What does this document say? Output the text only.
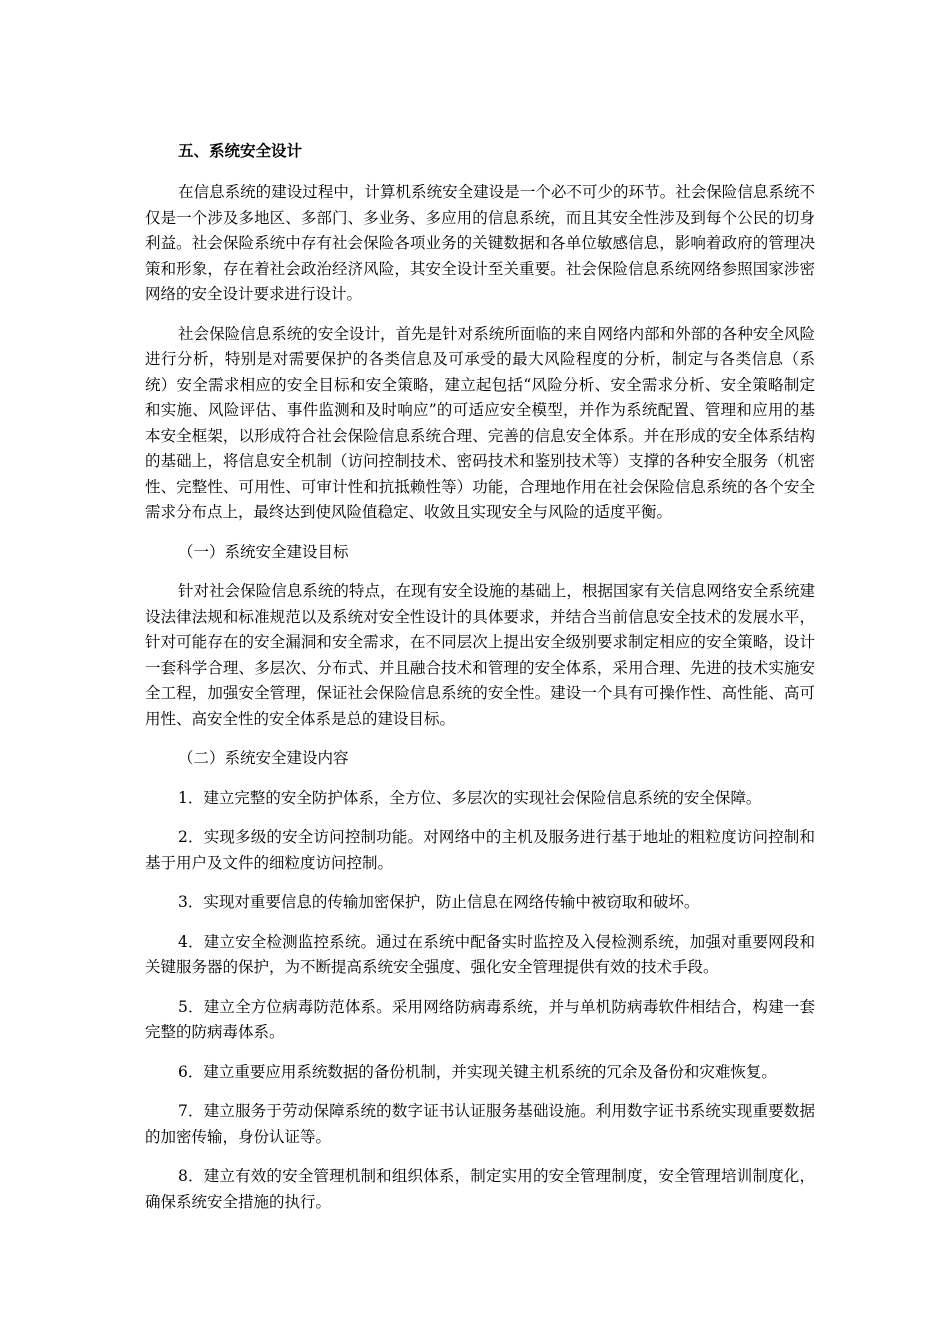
五、系统安全设计

在信息系统的建设过程中，计算机系统安全建设是一个必不可少的环节。社会保险信息系统不仅是一个涉及多地区、多部门、多业务、多应用的信息系统，而且其安全性涉及到每个公民的切身利益。社会保险系统中存有社会保险各项业务的关键数据和各单位敏感信息，影响着政府的管理决策和形象，存在着社会政治经济风险，其安全设计至关重要。社会保险信息系统网络参照国家涉密网络的安全设计要求进行设计。

社会保险信息系统的安全设计，首先是针对系统所面临的来自网络内部和外部的各种安全风险进行分析，特别是对需要保护的各类信息及可承受的最大风险程度的分析，制定与各类信息（系统）安全需求相应的安全目标和安全策略，建立起包括“风险分析、安全需求分析、安全策略制定和实施、风险评估、事件监测和及时响应”的可适应安全模型，并作为系统配置、管理和应用的基本安全框架，以形成符合社会保险信息系统合理、完善的信息安全体系。并在形成的安全体系结构的基础上，将信息安全机制（访问控制技术、密码技术和鉴别技术等）支撑的各种安全服务（机密性、完整性、可用性、可审计性和抗抵赖性等）功能，合理地作用在社会保险信息系统的各个安全需求分布点上，最终达到使风险值稳定、收敛且实现安全与风险的适度平衡。

（一）系统安全建设目标

针对社会保险信息系统的特点，在现有安全设施的基础上，根据国家有关信息网络安全系统建设法律法规和标准规范以及系统对安全性设计的具体要求，并结合当前信息安全技术的发展水平，针对可能存在的安全漏洞和安全需求，在不同层次上提出安全级别要求制定相应的安全策略，设计一套科学合理、多层次、分布式、并且融合技术和管理的安全体系，采用合理、先进的技术实施安全工程，加强安全管理，保证社会保险信息系统的安全性。建设一个具有可操作性、高性能、高可用性、高安全性的安全体系是总的建设目标。

（二）系统安全建设内容

1．建立完整的安全防护体系，全方位、多层次的实现社会保险信息系统的安全保障。

2．实现多级的安全访问控制功能。对网络中的主机及服务进行基于地址的粗粒度访问控制和基于用户及文件的细粒度访问控制。

3．实现对重要信息的传输加密保护，防止信息在网络传输中被窃取和破坏。

4．建立安全检测监控系统。通过在系统中配备实时监控及入侵检测系统，加强对重要网段和关键服务器的保护，为不断提高系统安全强度、强化安全管理提供有效的技术手段。

5．建立全方位病毒防范体系。采用网络防病毒系统，并与单机防病毒软件相结合，构建一套完整的防病毒体系。

6．建立重要应用系统数据的备份机制，并实现关键主机系统的冗余及备份和灾难恢复。

7．建立服务于劳动保障系统的数字证书认证服务基础设施。利用数字证书系统实现重要数据的加密传输，身份认证等。

8．建立有效的安全管理机制和组织体系，制定实用的安全管理制度，安全管理培训制度化，确保系统安全措施的执行。
